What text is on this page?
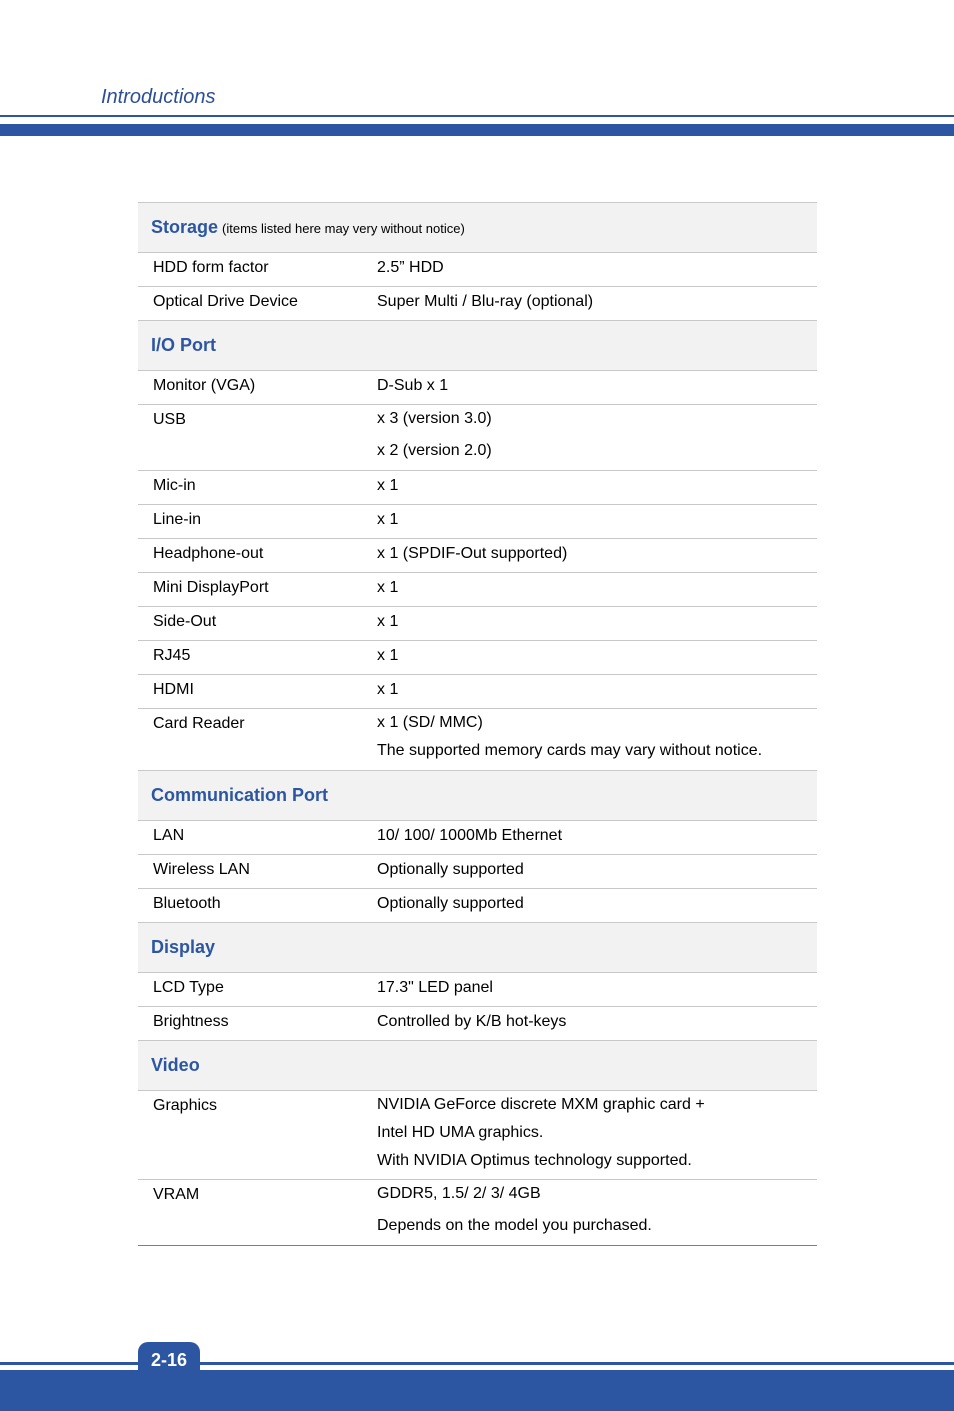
Introductions
Storage (items listed here may very without notice)	
HDD form factor	2.5” HDD
Optical Drive Device	Super Multi / Blu-ray (optional)
I/O Port	
Monitor (VGA)	D-Sub x 1
USB	x 3 (version 3.0)
x 2 (version 2.0)

Mic-in	x 1
Line-in	x 1
Headphone-out	x 1 (SPDIF-Out supported)
Mini DisplayPort	x 1
Side-Out	x 1
RJ45	x 1
HDMI	x 1
Card Reader	x 1 (SD/ MMC)
The supported memory cards may vary without notice.

Communication Port	
LAN	10/ 100/ 1000Mb Ethernet
Wireless LAN	Optionally supported
Bluetooth	Optionally supported
Display	
LCD Type	17.3" LED panel
Brightness	Controlled by K/B hot-keys
Video	
Graphics	NVIDIA GeForce discrete MXM graphic card +
Intel HD UMA graphics.
With NVIDIA Optimus technology supported.

VRAM	GDDR5, 1.5/ 2/ 3/ 4GB
Depends on the model you purchased.
2-16
